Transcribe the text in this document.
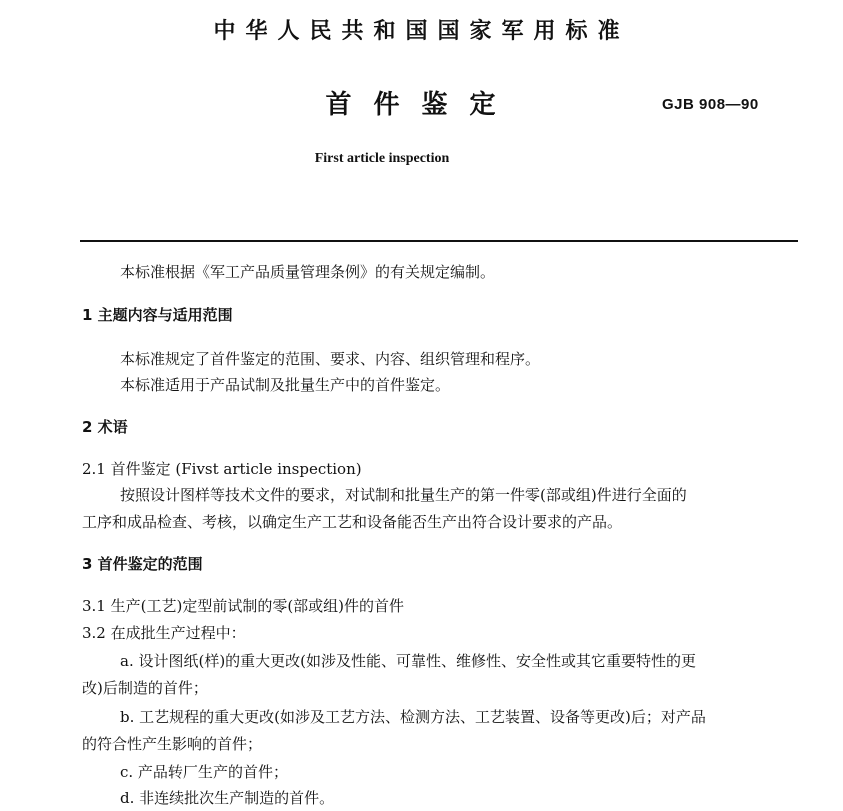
中华人民共和国国家军用标准
首件鉴定	GJB 908—90
First article inspection
本标准根据《军工产品质量管理条例》的有关规定编制。
1 主题内容与适用范围
本标准规定了首件鉴定的范围、要求、内容、组织管理和程序。
本标准适用于产品试制及批量生产中的首件鉴定。
2 术语
2.1 首件鉴定 (Fivst article inspection)
按照设计图样等技术文件的要求，对试制和批量生产的第一件零(部或组)件进行全面的
工序和成品检查、考核，以确定生产工艺和设备能否生产出符合设计要求的产品。
3 首件鉴定的范围
3.1 生产(工艺)定型前试制的零(部或组)件的首件
3.2 在成批生产过程中：
a. 设计图纸(样)的重大更改(如涉及性能、可靠性、维修性、安全性或其它重要特性的更
改)后制造的首件；
b. 工艺规程的重大更改(如涉及工艺方法、检测方法、工艺装置、设备等更改)后；对产品
的符合性产生影响的首件；
c. 产品转厂生产的首件；
d. 非连续批次生产制造的首件。
